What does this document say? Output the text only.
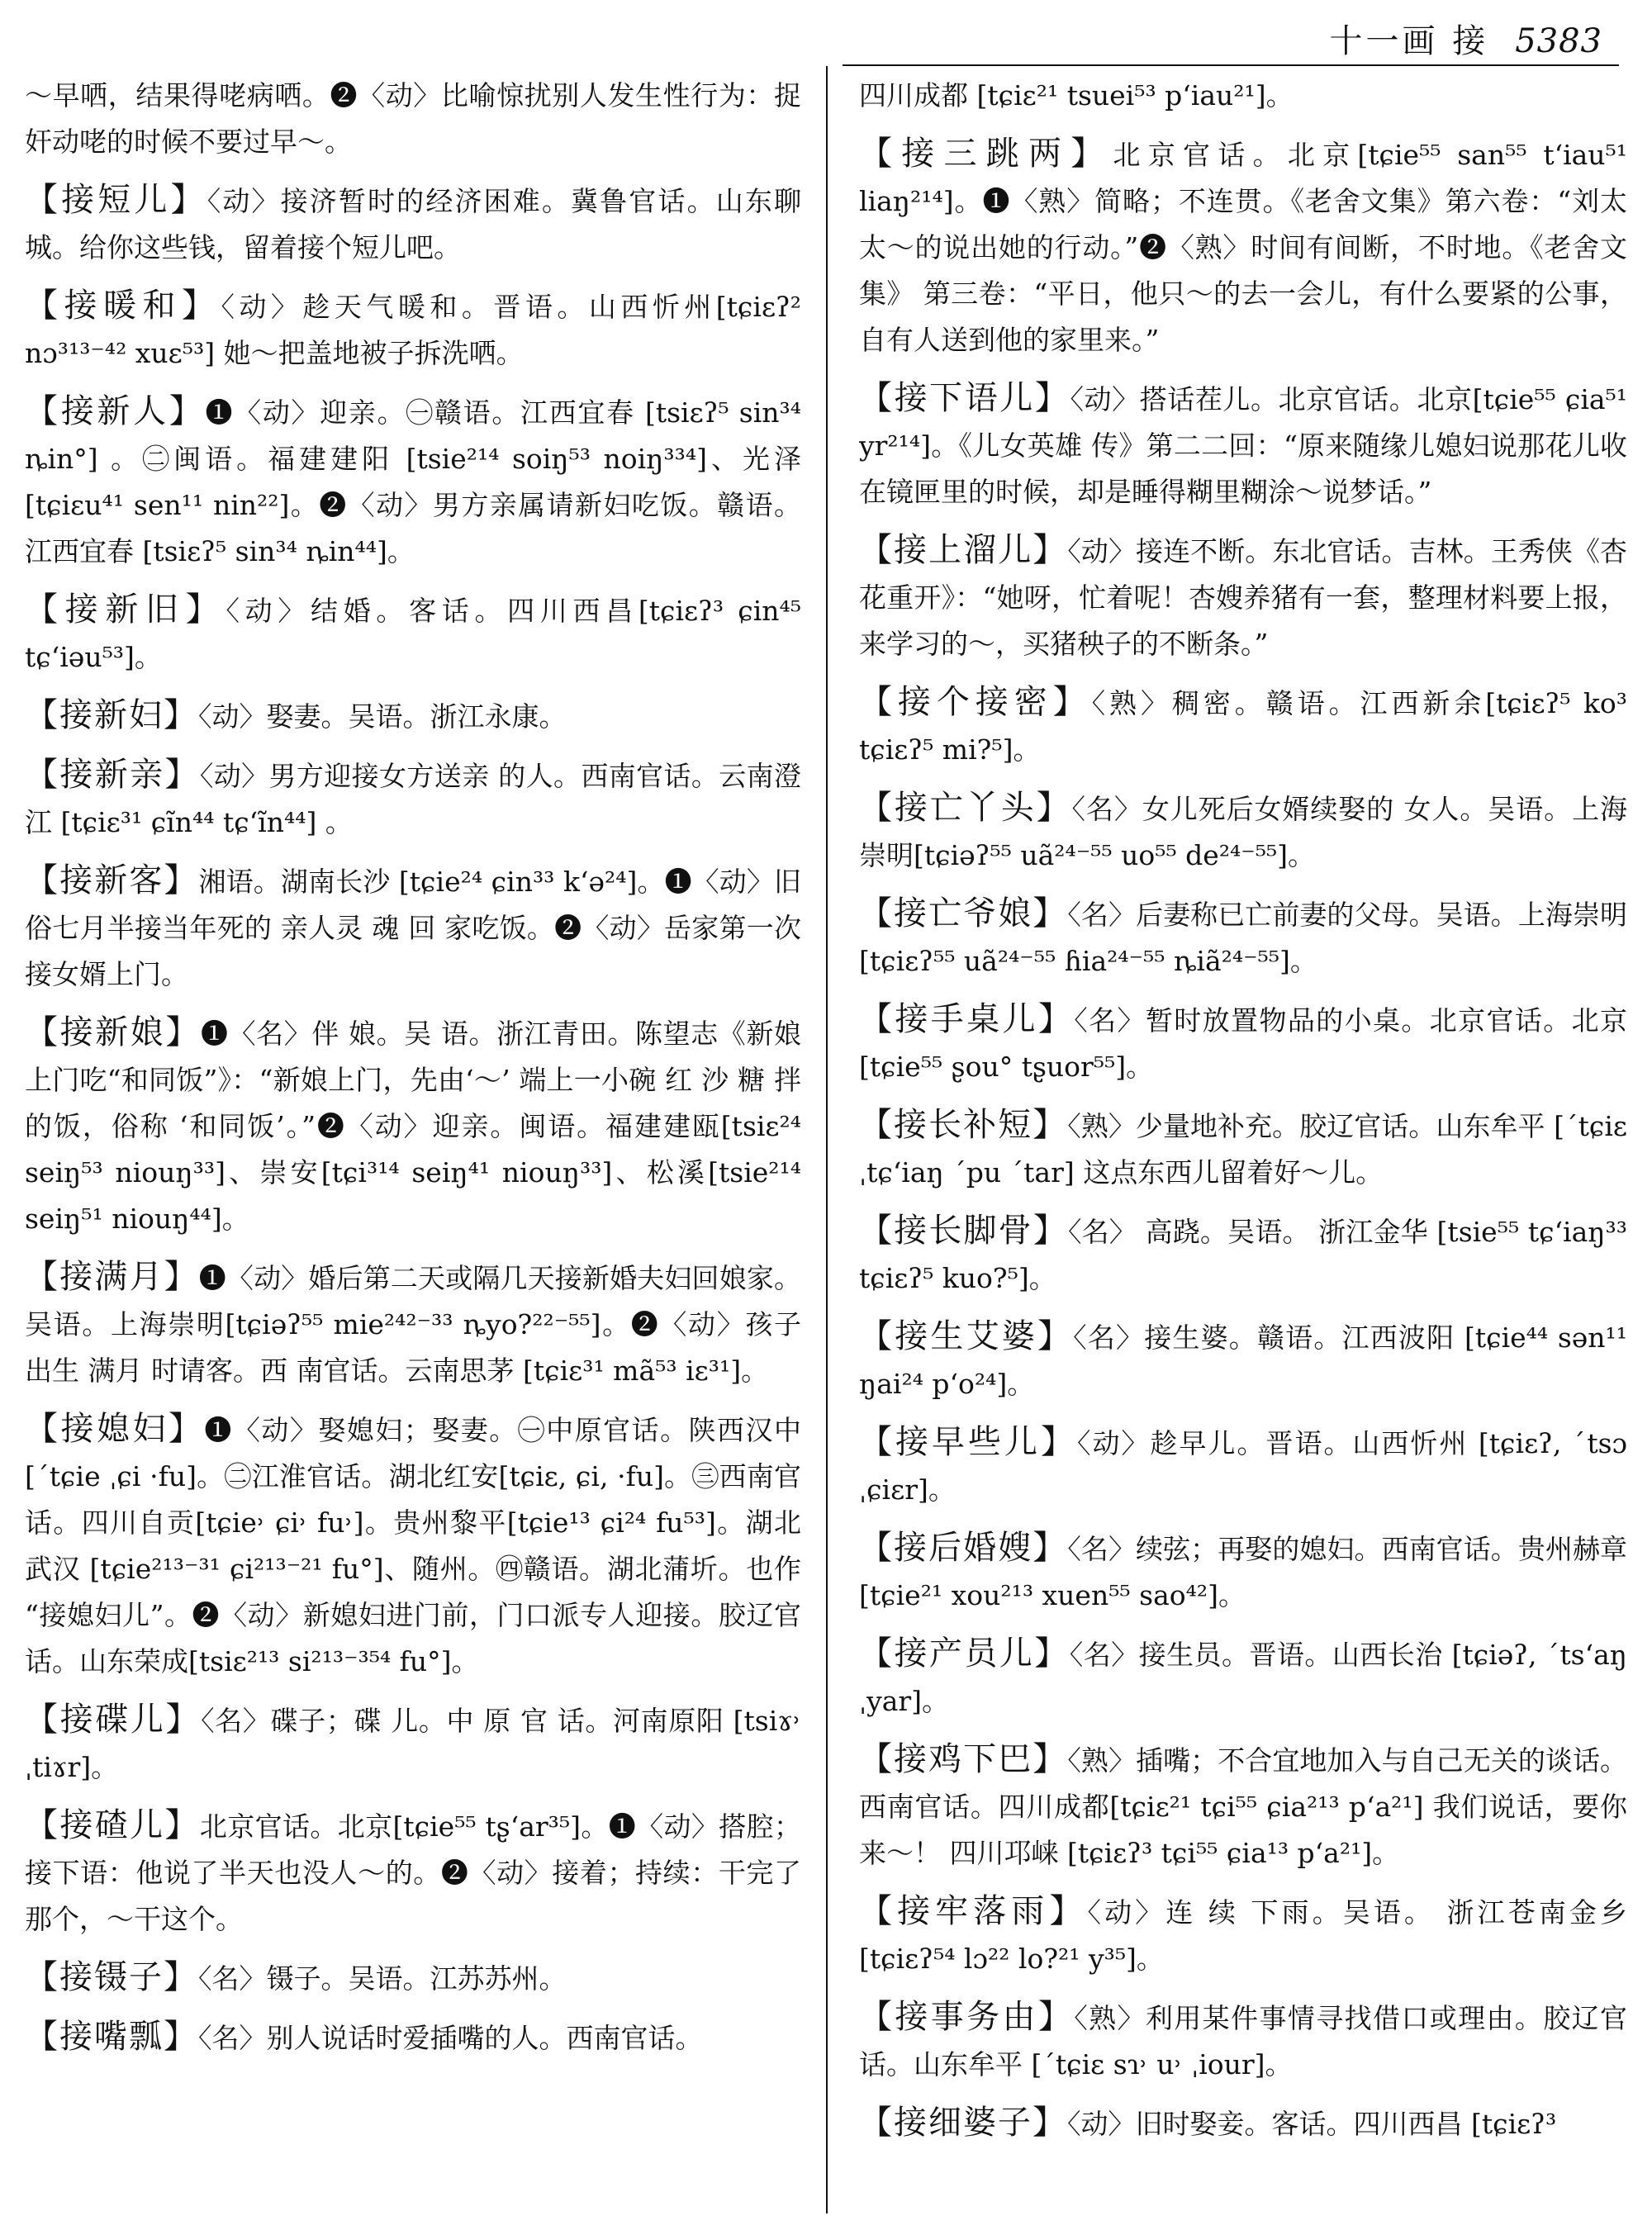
十一画 接 5383

～早哂，结果得咾病哂。❷〈动〉比喻惊扰别人发生性行为：捉奸动咾的时候不要过早～。

【接短儿】〈动〉接济暂时的经济困难。冀鲁官话。山东聊城。给你这些钱，留着接个短儿吧。

【接暖和】〈动〉趁天气暖和。晋语。山西忻州[tɕiɛʔ² nɔ³¹³⁻⁴² xuɛ⁵³] 她～把盖地被子拆洗哂。

【接新人】❶〈动〉迎亲。㊀赣语。江西宜春 [tsiɛʔ⁵ sin³⁴ ȵin°] 。㊁闽语。福建建阳 [tsie²¹⁴ soiŋ⁵³ noiŋ³³⁴]、光泽[tɕiɛu⁴¹ sen¹¹ nin²²]。❷〈动〉男方亲属请新妇吃饭。赣语。江西宜春 [tsiɛʔ⁵ sin³⁴ ȵin⁴⁴]。

【接新旧】〈动〉结婚。客话。四川西昌[tɕiɛʔ³ ɕin⁴⁵ tɕʻiəu⁵³]。

【接新妇】〈动〉娶妻。吴语。浙江永康。

【接新亲】〈动〉男方迎接女方送亲 的人。西南官话。云南澄江 [tɕiɛ³¹ ɕĩn⁴⁴ tɕʻĩn⁴⁴] 。

【接新客】湘语。湖南长沙 [tɕie²⁴ ɕin³³ kʻə²⁴]。❶〈动〉旧俗七月半接当年死的 亲人灵 魂 回 家吃饭。❷〈动〉岳家第一次接女婿上门。

【接新娘】❶〈名〉伴 娘。吴 语。浙江青田。陈望志《新娘上门吃“和同饭”》：“新娘上门，先由‘～’ 端上一小碗 红 沙 糖 拌的饭，俗称 ‘和同饭’。”❷〈动〉迎亲。闽语。福建建瓯[tsiɛ²⁴ seiŋ⁵³ niouŋ³³]、崇安[tɕi³¹⁴ seiŋ⁴¹ niouŋ³³]、松溪[tsie²¹⁴ seiŋ⁵¹ niouŋ⁴⁴]。

【接满月】❶〈动〉婚后第二天或隔几天接新婚夫妇回娘家。吴语。上海崇明[tɕiəʔ⁵⁵ mie²⁴²⁻³³ ȵyo?²²⁻⁵⁵]。❷〈动〉孩子 出生 满月 时请客。西 南官话。云南思茅 [tɕiɛ³¹ mã⁵³ iɛ³¹]。

【接媳妇】❶〈动〉娶媳妇；娶妻。㊀中原官话。陕西汉中[ˊtɕie ˌɕi ·fu]。㊁江淮官话。湖北红安[tɕiɛ, ɕi, ·fu]。㊂西南官话。四川自贡[tɕie˒ ɕi˒ fu˒]。贵州黎平[tɕie¹³ ɕi²⁴ fu⁵³]。湖北武汉 [tɕie²¹³⁻³¹ ɕi²¹³⁻²¹ fu°]、随州。㊃赣语。湖北蒲圻。也作 “接媳妇儿”。❷〈动〉新媳妇进门前，门口派专人迎接。胶辽官话。山东荣成[tsiɛ²¹³ si²¹³⁻³⁵⁴ fu°]。

【接碟儿】〈名〉碟子；碟 儿。中 原 官 话。河南原阳 [tsiɤ˒ ˌtiɤr]。

【接碴儿】北京官话。北京[tɕie⁵⁵ tʂʻar³⁵]。❶〈动〉搭腔；接下语：他说了半天也没人～的。❷〈动〉接着；持续：干完了那个，～干这个。

【接镊子】〈名〉镊子。吴语。江苏苏州。

【接嘴瓢】〈名〉别人说话时爱插嘴的人。西南官话。

四川成都 [tɕiɛ²¹ tsuei⁵³ pʻiau²¹]。

【接三跳两】北京官话。北京[tɕie⁵⁵ san⁵⁵ tʻiau⁵¹ liaŋ²¹⁴]。❶〈熟〉简略；不连贯。《老舍文集》第六卷：“刘太太～的说出她的行动。”❷〈熟〉时间有间断，不时地。《老舍文集》 第三卷：“平日，他只～的去一会儿，有什么要紧的公事，自有人送到他的家里来。”

【接下语儿】〈动〉搭话茬儿。北京官话。北京[tɕie⁵⁵ ɕia⁵¹ yr²¹⁴]。《儿女英雄 传》第二二回：“原来随缘儿媳妇说那花儿收在镜匣里的时候，却是睡得糊里糊涂～说梦话。”

【接上溜儿】〈动〉接连不断。东北官话。吉林。王秀侠《杏花重开》：“她呀，忙着呢！杏嫂养猪有一套，整理材料要上报，来学习的～，买猪秧子的不断条。”

【接个接密】〈熟〉稠密。赣语。江西新余[tɕiɛʔ⁵ ko³ tɕiɛʔ⁵ mi?⁵]。

【接亡丫头】〈名〉女儿死后女婿续娶的 女人。吴语。上海崇明[tɕiəʔ⁵⁵ uã²⁴⁻⁵⁵ uo⁵⁵ de²⁴⁻⁵⁵]。

【接亡爷娘】〈名〉后妻称已亡前妻的父母。吴语。上海崇明[tɕiɛʔ⁵⁵ uã²⁴⁻⁵⁵ ɦia²⁴⁻⁵⁵ ȵiã²⁴⁻⁵⁵]。

【接手桌儿】〈名〉暂时放置物品的小桌。北京官话。北京[tɕie⁵⁵ ʂou° tʂuor⁵⁵]。

【接长补短】〈熟〉少量地补充。胶辽官话。山东牟平 [ˊtɕiɛ ˌtɕʻiaŋ ˊpu ˊtar] 这点东西儿留着好～儿。

【接长脚骨】〈名〉 高跷。吴语。 浙江金华 [tsie⁵⁵ tɕʻiaŋ³³ tɕiɛʔ⁵ kuo?⁵]。

【接生艾婆】〈名〉接生婆。赣语。江西波阳 [tɕie⁴⁴ sən¹¹ ŋai²⁴ pʻo²⁴]。

【接早些儿】〈动〉趁早儿。晋语。山西忻州 [tɕiɛʔ, ˊtsɔ ˌɕiɛr]。

【接后婚嫂】〈名〉续弦；再娶的媳妇。西南官话。贵州赫章[tɕie²¹ xou²¹³ xuen⁵⁵ sao⁴²]。

【接产员儿】〈名〉接生员。晋语。山西长治 [tɕiəʔ, ˊtsʻaŋ ˌyar]。

【接鸡下巴】〈熟〉插嘴；不合宜地加入与自己无关的谈话。西南官话。四川成都[tɕiɛ²¹ tɕi⁵⁵ ɕia²¹³ pʻa²¹] 我们说话，要你来～！ 四川邛崃 [tɕiɛʔ³ tɕi⁵⁵ ɕia¹³ pʻa²¹]。

【接牢落雨】〈动〉连 续 下雨。吴语。 浙江苍南金乡 [tɕiɛʔ⁵⁴ lɔ²² lo?²¹ y³⁵]。

【接事务由】〈熟〉利用某件事情寻找借口或理由。胶辽官话。山东牟平 [ˊtɕiɛ sɿ˒ u˒ ˌiour]。

【接细婆子】〈动〉旧时娶妾。客话。四川西昌 [tɕiɛʔ³
